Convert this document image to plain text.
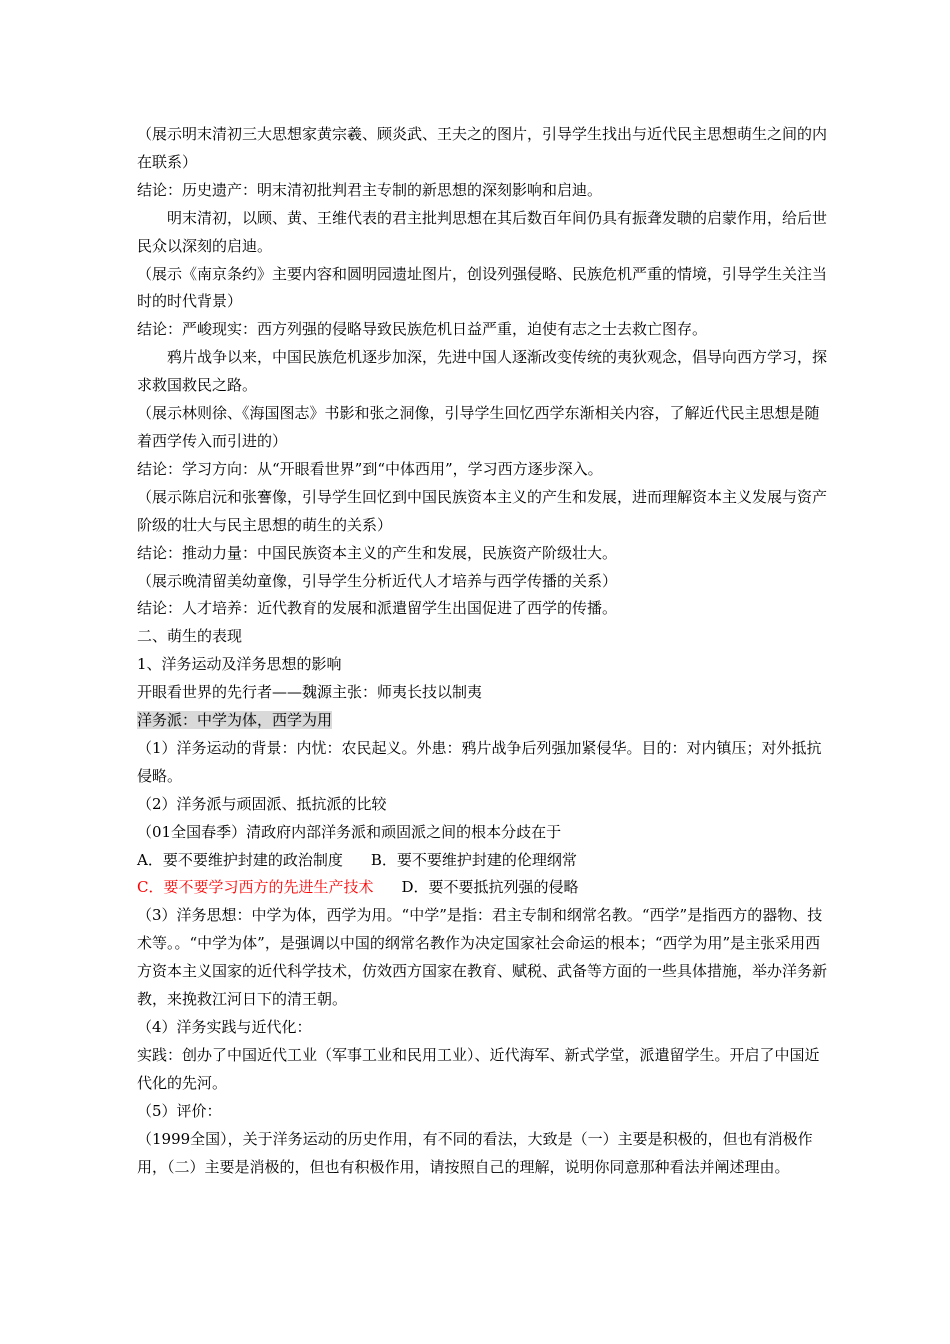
（展示明末清初三大思想家黄宗羲、顾炎武、王夫之的图片，引导学生找出与近代民主思想萌生之间的内在联系）

结论：历史遗产：明末清初批判君主专制的新思想的深刻影响和启迪。

明末清初，以顾、黄、王维代表的君主批判思想在其后数百年间仍具有振聋发聩的启蒙作用，给后世民众以深刻的启迪。

（展示《南京条约》主要内容和圆明园遗址图片，创设列强侵略、民族危机严重的情境，引导学生关注当时的时代背景）

结论：严峻现实：西方列强的侵略导致民族危机日益严重，迫使有志之士去救亡图存。

鸦片战争以来，中国民族危机逐步加深，先进中国人逐渐改变传统的夷狄观念，倡导向西方学习，探求救国救民之路。

（展示林则徐、《海国图志》书影和张之洞像，引导学生回忆西学东渐相关内容，了解近代民主思想是随着西学传入而引进的）

结论：学习方向：从“开眼看世界”到“中体西用”，学习西方逐步深入。

（展示陈启沅和张謇像，引导学生回忆到中国民族资本主义的产生和发展，进而理解资本主义发展与资产阶级的壮大与民主思想的萌生的关系）

结论：推动力量：中国民族资本主义的产生和发展，民族资产阶级壮大。

（展示晚清留美幼童像，引导学生分析近代人才培养与西学传播的关系）

结论：人才培养：近代教育的发展和派遣留学生出国促进了西学的传播。

二、萌生的表现

1、洋务运动及洋务思想的影响

开眼看世界的先行者——魏源主张：师夷长技以制夷

洋务派：中学为体，西学为用

（1）洋务运动的背景：内忧：农民起义。外患：鸦片战争后列强加紧侵华。目的：对内镇压；对外抵抗侵略。

（2）洋务派与顽固派、抵抗派的比较

（01全国春季）清政府内部洋务派和顽固派之间的根本分歧在于

A．要不要维护封建的政治制度 B．要不要维护封建的伦理纲常

C．要不要学习西方的先进生产技术 D．要不要抵抗列强的侵略

（3）洋务思想：中学为体，西学为用。“中学”是指：君主专制和纲常名教。“西学”是指西方的器物、技术等。。“中学为体”，是强调以中国的纲常名教作为决定国家社会命运的根本；“西学为用”是主张采用西方资本主义国家的近代科学技术，仿效西方国家在教育、赋税、武备等方面的一些具体措施，举办洋务新教，来挽救江河日下的清王朝。

（4）洋务实践与近代化：

实践：创办了中国近代工业（军事工业和民用工业）、近代海军、新式学堂，派遣留学生。开启了中国近代化的先河。

（5）评价：

（1999全国），关于洋务运动的历史作用，有不同的看法，大致是（一）主要是积极的，但也有消极作用，（二）主要是消极的，但也有积极作用，请按照自己的理解，说明你同意那种看法并阐述理由。
